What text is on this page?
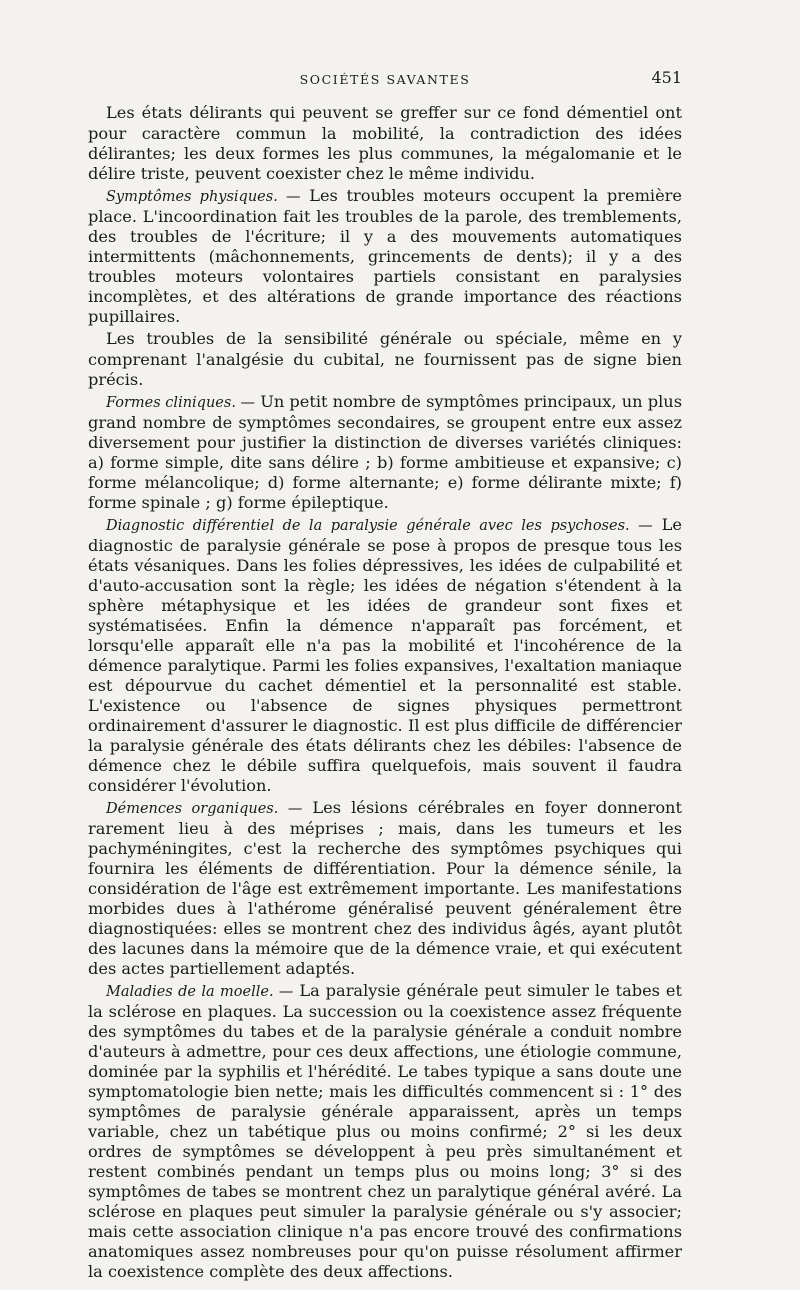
SOCIÉTÉS SAVANTES	451

Les états délirants qui peuvent se greffer sur ce fond démentiel ont pour caractère commun la mobilité, la contradiction des idées délirantes; les deux formes les plus communes, la mégalomanie et le délire triste, peuvent coexister chez le même individu.

Symptômes physiques. — Les troubles moteurs occupent la première place. L'incoordination fait les troubles de la parole, des tremblements, des troubles de l'écriture; il y a des mouvements automatiques intermittents (mâchonnements, grincements de dents); il y a des troubles moteurs volontaires partiels consistant en paralysies incomplètes, et des altérations de grande importance des réactions pupillaires.

Les troubles de la sensibilité générale ou spéciale, même en y comprenant l'analgésie du cubital, ne fournissent pas de signe bien précis.

Formes cliniques. — Un petit nombre de symptômes principaux, un plus grand nombre de symptômes secondaires, se groupent entre eux assez diversement pour justifier la distinction de diverses variétés cliniques: a) forme simple, dite sans délire ; b) forme ambitieuse et expansive; c) forme mélancolique; d) forme alternante; e) forme délirante mixte; f) forme spinale ; g) forme épileptique.

Diagnostic différentiel de la paralysie générale avec les psychoses. — Le diagnostic de paralysie générale se pose à propos de presque tous les états vésaniques. Dans les folies dépressives, les idées de culpabilité et d'auto-accusation sont la règle; les idées de négation s'étendent à la sphère métaphysique et les idées de grandeur sont fixes et systématisées. Enfin la démence n'apparaît pas forcément, et lorsqu'elle apparaît elle n'a pas la mobilité et l'incohérence de la démence paralytique. Parmi les folies expansives, l'exaltation maniaque est dépourvue du cachet démentiel et la personnalité est stable. L'existence ou l'absence de signes physiques permettront ordinairement d'assurer le diagnostic. Il est plus difficile de différencier la paralysie générale des états délirants chez les débiles: l'absence de démence chez le débile suffira quelquefois, mais souvent il faudra considérer l'évolution.

Démences organiques. — Les lésions cérébrales en foyer donneront rarement lieu à des méprises ; mais, dans les tumeurs et les pachyméningites, c'est la recherche des symptômes psychiques qui fournira les éléments de différentiation. Pour la démence sénile, la considération de l'âge est extrêmement importante. Les manifestations morbides dues à l'athérome généralisé peuvent généralement être diagnostiquées: elles se montrent chez des individus âgés, ayant plutôt des lacunes dans la mémoire que de la démence vraie, et qui exécutent des actes partiellement adaptés.

Maladies de la moelle. — La paralysie générale peut simuler le tabes et la sclérose en plaques. La succession ou la coexistence assez fréquente des symptômes du tabes et de la paralysie générale a conduit nombre d'auteurs à admettre, pour ces deux affections, une étiologie commune, dominée par la syphilis et l'hérédité. Le tabes typique a sans doute une symptomatologie bien nette; mais les difficultés commencent si : 1° des symptômes de paralysie générale apparaissent, après un temps variable, chez un tabétique plus ou moins confirmé; 2° si les deux ordres de symptômes se développent à peu près simultanément et restent combinés pendant un temps plus ou moins long; 3° si des symptômes de tabes se montrent chez un paralytique général avéré. La sclérose en plaques peut simuler la paralysie générale ou s'y associer; mais cette association clinique n'a pas encore trouvé des confirmations anatomiques assez nombreuses pour qu'on puisse résolument affirmer la coexistence complète des deux affections.
